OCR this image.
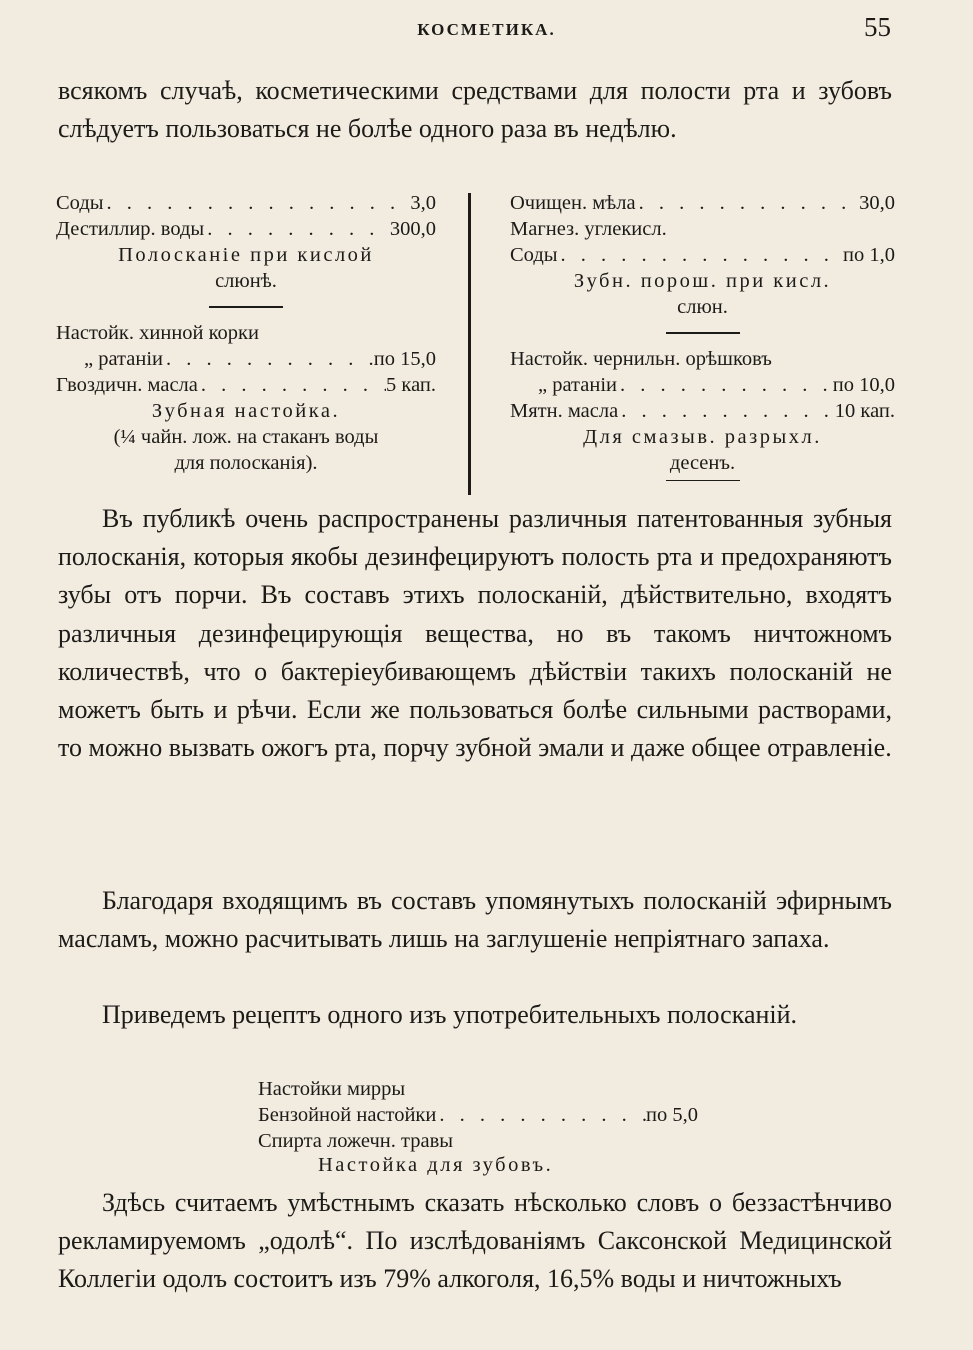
КОСМЕТИКА.	55

всякомъ случаѣ, косметическими средствами для полости рта и зубовъ слѣдуетъ пользоваться не болѣе одного раза въ недѣлю.

Соды . . .	3,0
Дестиллир. воды . . .	300,0
Полосканіе при кислой
слюнѣ.
Настойк. хинной корки
„ ратаніи . . .	по 15,0
Гвоздичн. масла . . .	5 кап.
Зубная настойка.
(¼ чайн. лож. на стаканъ воды
для полосканія).
Очищен. мѣла . . .	30,0
Магнез. углекисл.
Соды . . .	по 1,0
Зубн. порош. при кисл.
слюн.
Настойк. чернильн. орѣшковъ
„ ратаніи . . .	по 10,0
Мятн. масла . . .	10 кап.
Для смазыв. разрыхл.
десенъ.

Въ публикѣ очень распространены различныя патентованныя зубныя полосканія, которыя якобы дезинфецируютъ полость рта и предохраняютъ зубы отъ порчи. Въ составъ этихъ полосканій, дѣйствительно, входятъ различныя дезинфецирующія вещества, но въ такомъ ничтожномъ количествѣ, что о бактеріеубивающемъ дѣйствіи такихъ полосканій не можетъ быть и рѣчи. Если же пользоваться болѣе сильными растворами, то можно вызвать ожогъ рта, порчу зубной эмали и даже общее отравленіе.

Благодаря входящимъ въ составъ упомянутыхъ полосканій эфирнымъ масламъ, можно расчитывать лишь на заглушеніе непріятнаго запаха.

Приведемъ рецептъ одного изъ употребительныхъ полосканій.

Настойки мирры
Бензойной настойки . . .	по 5,0
Спирта ложечн. травы
Настойка для зубовъ.

Здѣсь считаемъ умѣстнымъ сказать нѣсколько словъ о беззастѣнчиво рекламируемомъ „одолѣ“. По изслѣдованіямъ Саксонской Медицинской Коллегіи одолъ состоитъ изъ 79% алкоголя, 16,5% воды и ничтожныхъ
